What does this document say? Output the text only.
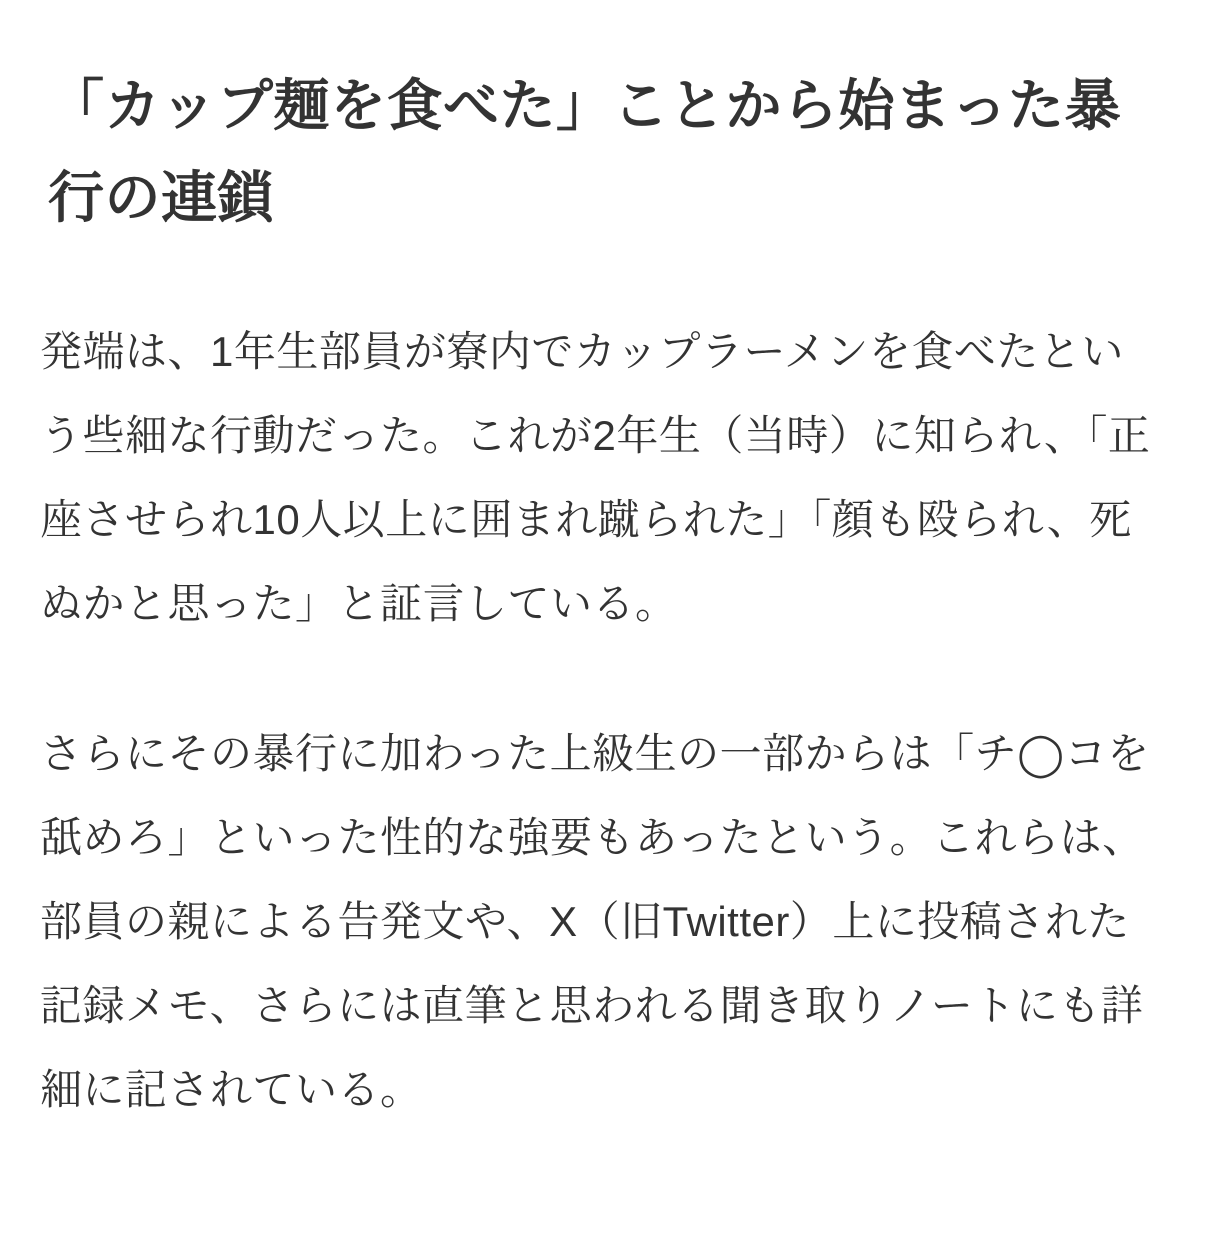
「カップ麺を食べた」ことから始まった暴行の連鎖

発端は、1年生部員が寮内でカップラーメンを食べたという些細な行動だった。これが2年生（当時）に知られ、「正座させられ10人以上に囲まれ蹴られた」「顔も殴られ、死ぬかと思った」と証言している。

さらにその暴行に加わった上級生の一部からは「チ◯コを舐めろ」といった性的な強要もあったという。これらは、部員の親による告発文や、X（旧Twitter）上に投稿された記録メモ、さらには直筆と思われる聞き取りノートにも詳細に記されている。
